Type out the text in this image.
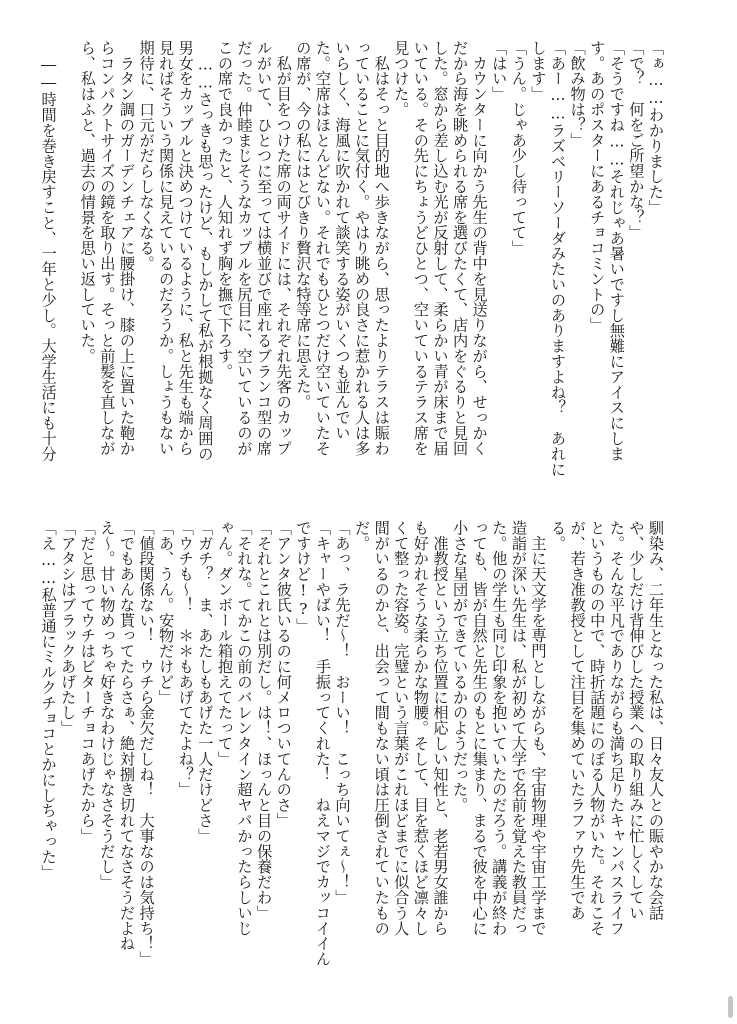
「ぁ……わかりました」
「で？　何をご所望かな？」
「そうですね……それじゃあ暑いですし無難にアイスにしま
す。あのポスターにあるチョコミントの」
「飲み物は？」
「あー……ラズベリーソーダみたいのありますよね？　あれに
します」
「うん。じゃあ少し待ってて」
「はい」
　カウンターに向かう先生の背中を見送りながら、せっかく
だから海を眺められる席を選びたくて、店内をぐるりと見回
した。窓から差し込む光が反射して、柔らかい青が床まで届
いている。その先にちょうどひとつ、空いているテラス席を
見つけた。
　私はそっと目的地へ歩きながら、思ったよりテラスは賑わ
っていることに気付く。やはり眺めの良さに惹かれる人は多
いらしく、海風に吹かれて談笑する姿がいくつも並んでい
た。空席はほとんどない。それでもひとつだけ空いていたそ
の席が、今の私にはとびきり贅沢な特等席に思えた。
　私が目をつけた席の両サイドには、それぞれ先客のカップ
ルがいて、ひとつに至っては横並びで座れるブランコ型の席
だった。仲睦まじそうなカップルを尻目に、空いているのが
この席で良かったと、人知れず胸を撫で下ろす。
　……さっきも思ったけど、もしかして私が根拠なく周囲の
男女をカップルと決めつけているように、私と先生も端から
見ればそういう関係に見えているのだろうか。しょうもない
期待に、口元がだらしなくなる。
　ラタン調のガーデンチェアに腰掛け、膝の上に置いた鞄か
らコンパクトサイズの鏡を取り出す。そっと前髪を直しなが
ら、私はふと、過去の情景を思い返していた。

　――時間を巻き戻すこと、一年と少し。大学生活にも十分
馴染み、二年生となった私は、日々友人との賑やかな会話
や、少しだけ背伸びした授業への取り組みに忙しくしてい
た。そんな平凡でありながらも満ち足りたキャンパスライフ
というものの中で、時折話題にのぼる人物がいた。それこそ
が、若き准教授として注目を集めていたラファウ先生であ
る。
　主に天文学を専門としながらも、宇宙物理や宇宙工学まで
造詣が深い先生は、私が初めて大学で名前を覚えた教員だっ
た。他の学生も同じ印象を抱いていたのだろう。講義が終わ
っても、皆が自然と先生のもとに集まり、まるで彼を中心に
小さな星団ができているかのようだった。
　准教授という立ち位置に相応しい知性と、老若男女誰から
も好かれそうな柔らかな物腰。そして、目を惹くほど凛々し
くて整った容姿。完璧という言葉がこれほどまでに似合う人
間がいるのかと、出会って間もない頃は圧倒されていたもの
だ。
「あっ、ラ先だ～！　おーい！　こっち向いてぇ～！」
「キャーやばい！　手振ってくれた！　ねえマジでカッコイイん
ですけど!?」
「アンタ彼氏いるのに何メロついてんのさ」
「それとこれとは別だし。は！、ほっんと目の保養だわ」
「それな。てかこの前のバレンタイン超ヤバかったらしいじ
ゃん。ダンボール箱抱えてたって」
「ガチ？　ま、あたしもあげた一人だけどさ」
「ウチも～！　＊＊もあげてたよね？」
「あ、うん。安物だけど」
「値段関係ない！　ウチら金欠だしね！　大事なのは気持ち！」
「でもあんな貰ってたらさぁ、絶対捌き切れてなさそうだよね
え～。甘い物めっちゃ好きなわけじゃなさそうだし」
「だと思ってウチはビターチョコあげたから」
「アタシはブラックあげたし」
「え……私普通にミルクチョコとかにしちゃった」
